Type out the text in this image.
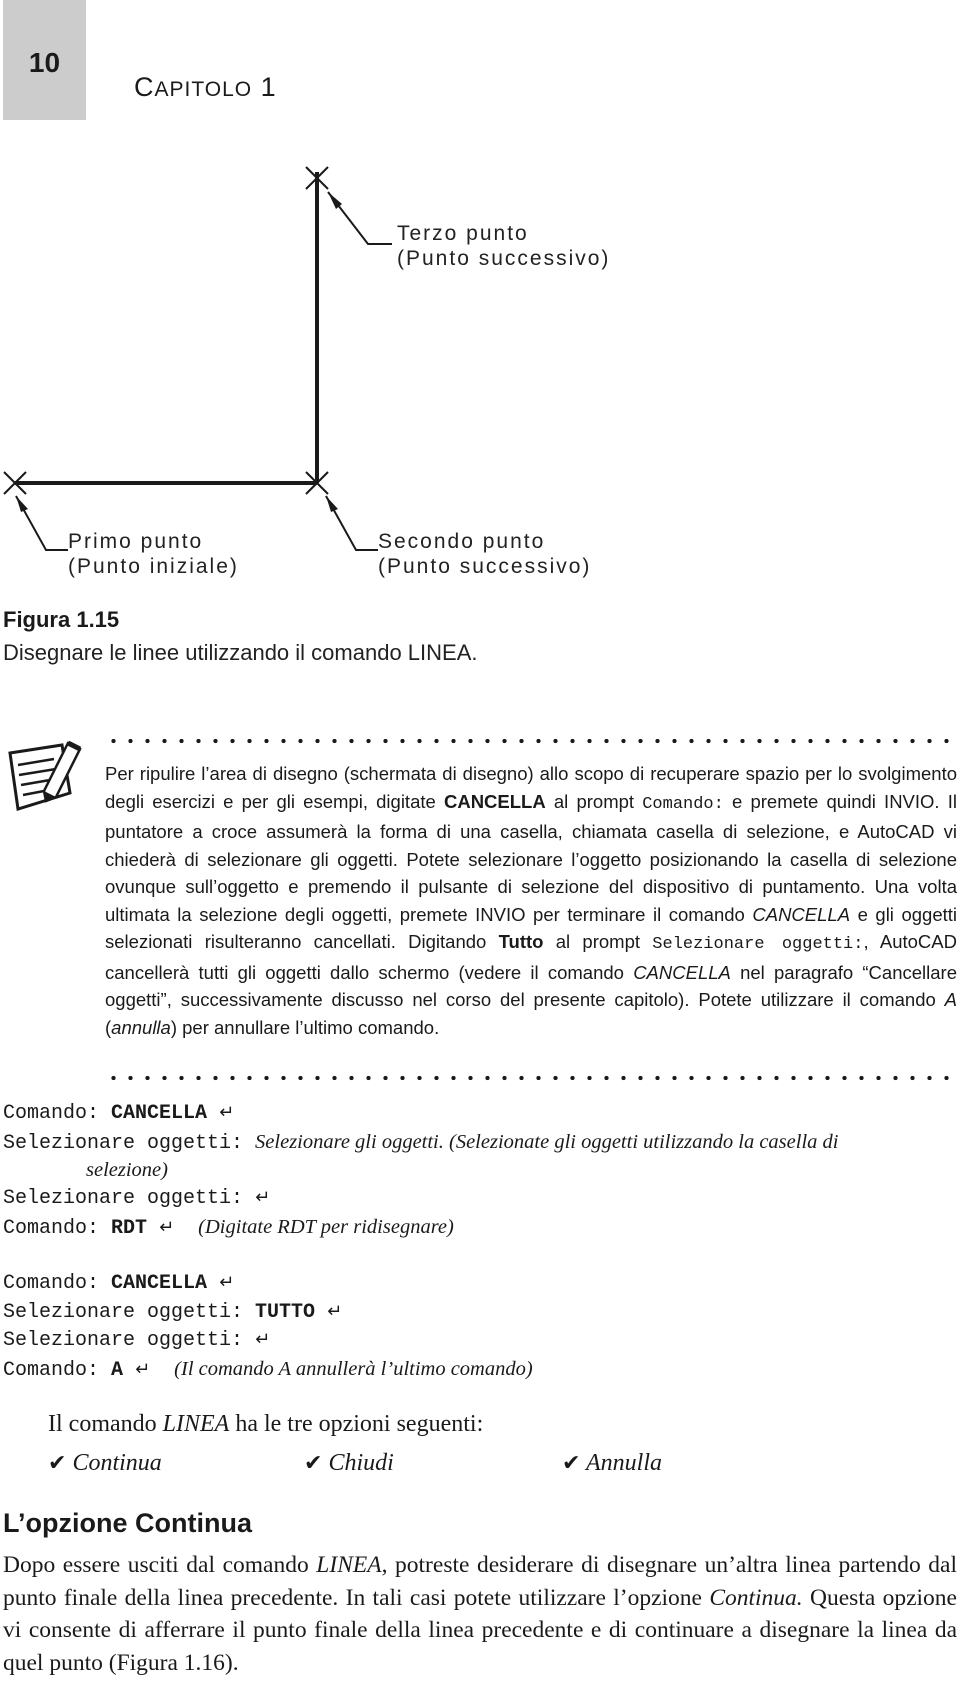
10
CAPITOLO 1
Terzo punto
(Punto successivo)
Primo punto
(Punto iniziale)
Secondo punto
(Punto successivo)
Figura 1.15
Disegnare le linee utilizzando il comando LINEA.
Per ripulire l’area di disegno (schermata di disegno) allo scopo di recuperare spazio per lo svolgimento degli esercizi e per gli esempi, digitate CANCELLA al prompt Comando: e premete quindi INVIO. Il puntatore a croce assumerà la forma di una casella, chiamata casella di selezione, e AutoCAD vi chiederà di selezionare gli oggetti. Potete selezionare l’oggetto posizionando la casella di selezione ovunque sull’oggetto e premendo il pulsante di selezione del dispositivo di puntamento. Una volta ultimata la selezione degli oggetti, premete INVIO per terminare il comando CANCELLA e gli oggetti selezionati risulteranno cancellati. Digitando Tutto al prompt Selezionare oggetti:, AutoCAD cancellerà tutti gli oggetti dallo schermo (vedere il comando CANCELLA nel paragrafo “Cancellare oggetti”, successivamente discusso nel corso del presente capitolo). Potete utilizzare il comando A (annulla) per annullare l’ultimo comando.
Comando: CANCELLA ↵
Selezionare oggetti: Selezionare gli oggetti. (Selezionate gli oggetti utilizzando la casella di
selezione)
Selezionare oggetti: ↵
Comando: RDT ↵ (Digitate RDT per ridisegnare)
Comando: CANCELLA ↵
Selezionare oggetti: TUTTO ↵
Selezionare oggetti: ↵
Comando: A ↵ (Il comando A annullerà l’ultimo comando)
Il comando LINEA ha le tre opzioni seguenti:
✔ Continua	✔ Chiudi	✔ Annulla
L’opzione Continua
Dopo essere usciti dal comando LINEA, potreste desiderare di disegnare un’altra linea partendo dal punto finale della linea precedente. In tali casi potete utilizzare l’opzione Continua. Questa opzione vi consente di afferrare il punto finale della linea precedente e di continuare a disegnare la linea da quel punto (Figura 1.16).
